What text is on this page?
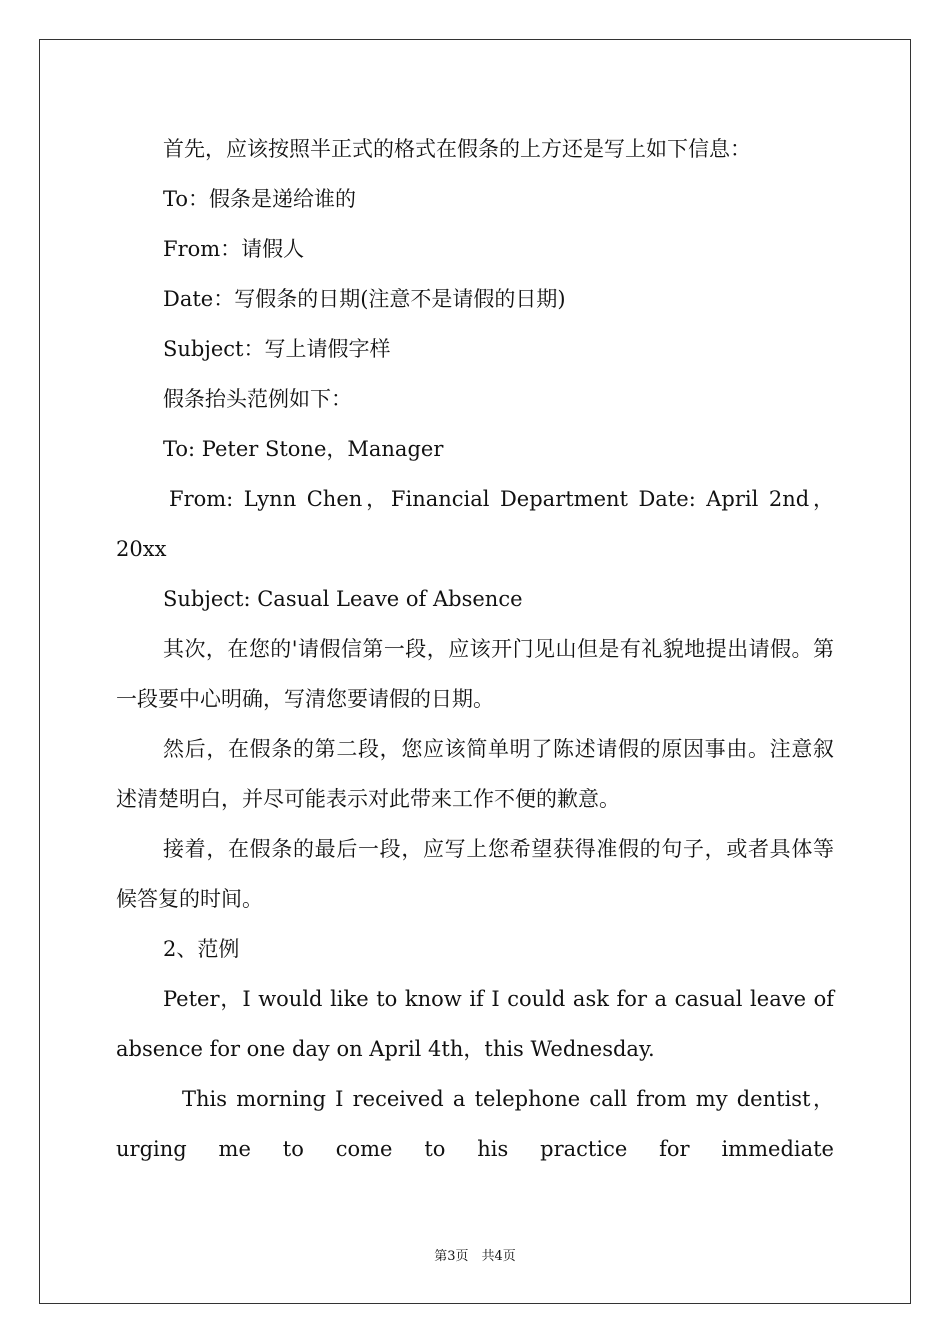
首先，应该按照半正式的格式在假条的上方还是写上如下信息：

To：假条是递给谁的

From：请假人

Date：写假条的日期(注意不是请假的日期)

Subject：写上请假字样

假条抬头范例如下：

To: Peter Stone，Manager

From: Lynn Chen，Financial Department Date: April 2nd，20xx

Subject: Casual Leave of Absence

其次，在您的'请假信第一段，应该开门见山但是有礼貌地提出请假。第一段要中心明确，写清您要请假的日期。

然后，在假条的第二段，您应该简单明了陈述请假的原因事由。注意叙述清楚明白，并尽可能表示对此带来工作不便的歉意。

接着，在假条的最后一段，应写上您希望获得准假的句子，或者具体等候答复的时间。

2、范例

Peter，I would like to know if I could ask for a casual leave of absence for one day on April 4th，this Wednesday.

This morning I received a telephone call from my dentist，urging me to come to his practice for immediate

第3页　共4页
